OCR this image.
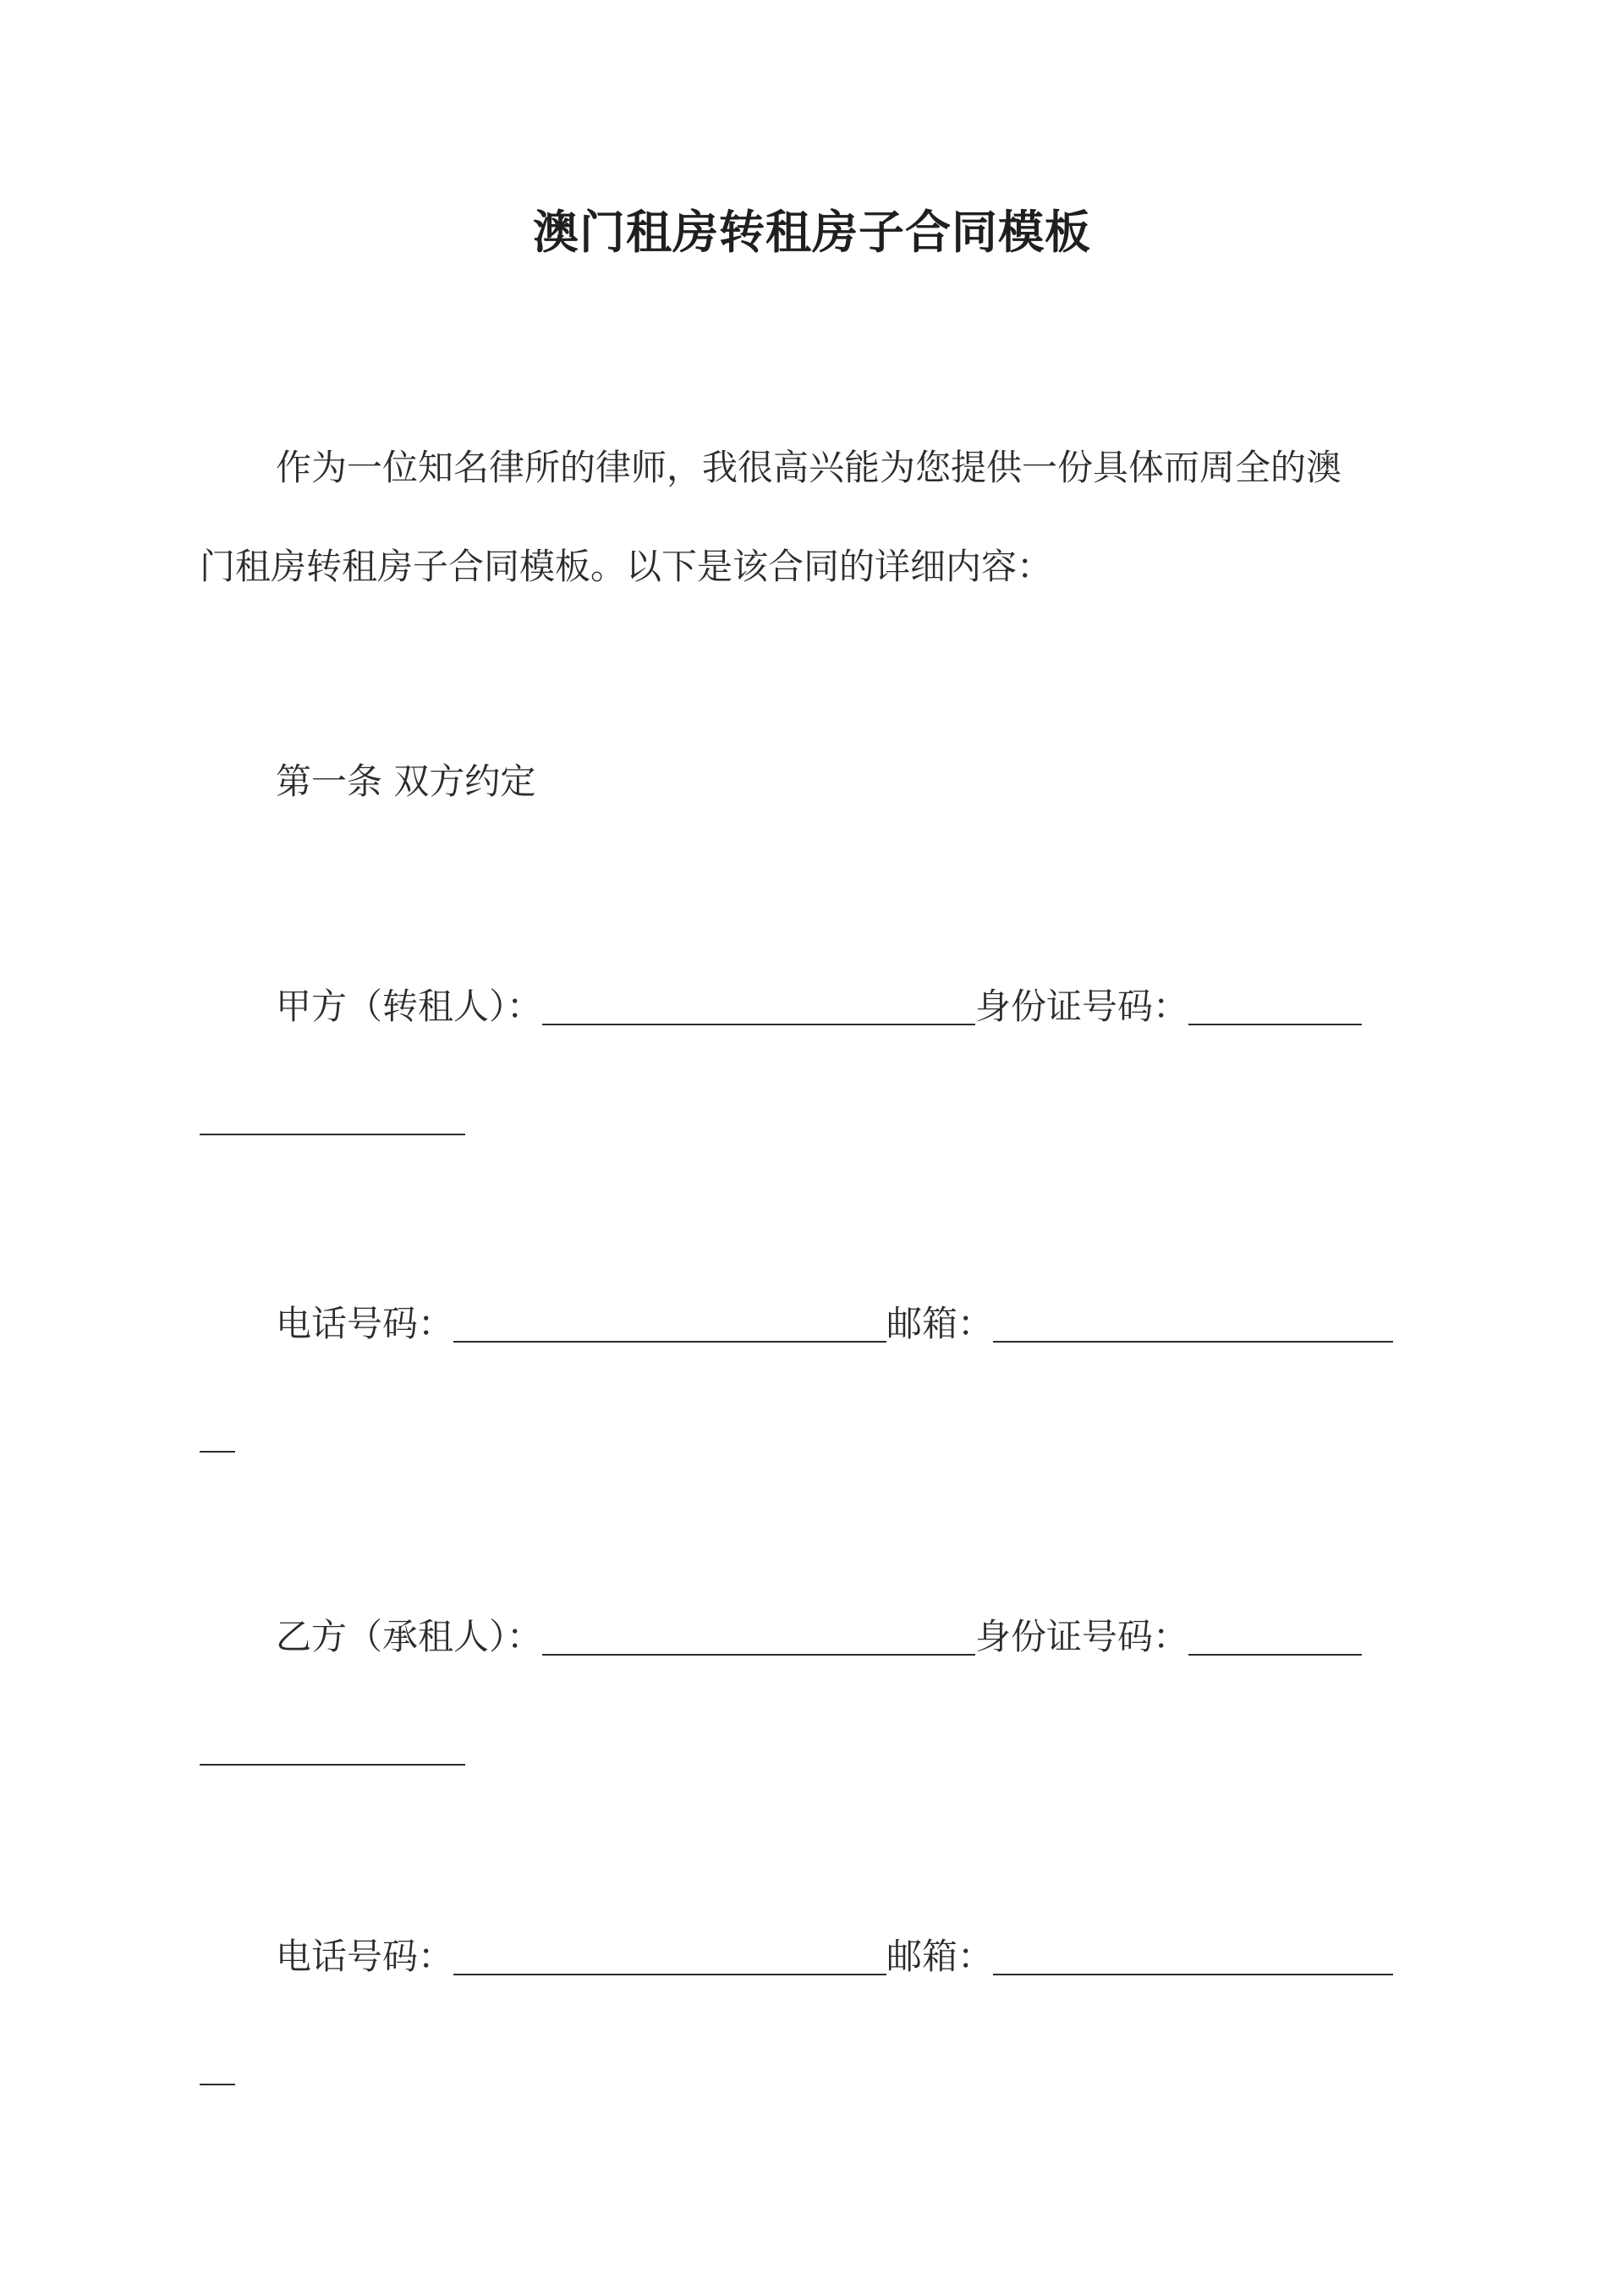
澳门租房转租房子合同模板
作为一位知名律所的律师，我很高兴能为您提供一份具体而周全的澳
门租房转租房子合同模板。以下是该合同的详细内容：
第一条 双方约定
甲方（转租人）：	身份证号码：
电话号码：	邮箱：
乙方（承租人）：	身份证号码：
电话号码：	邮箱：
